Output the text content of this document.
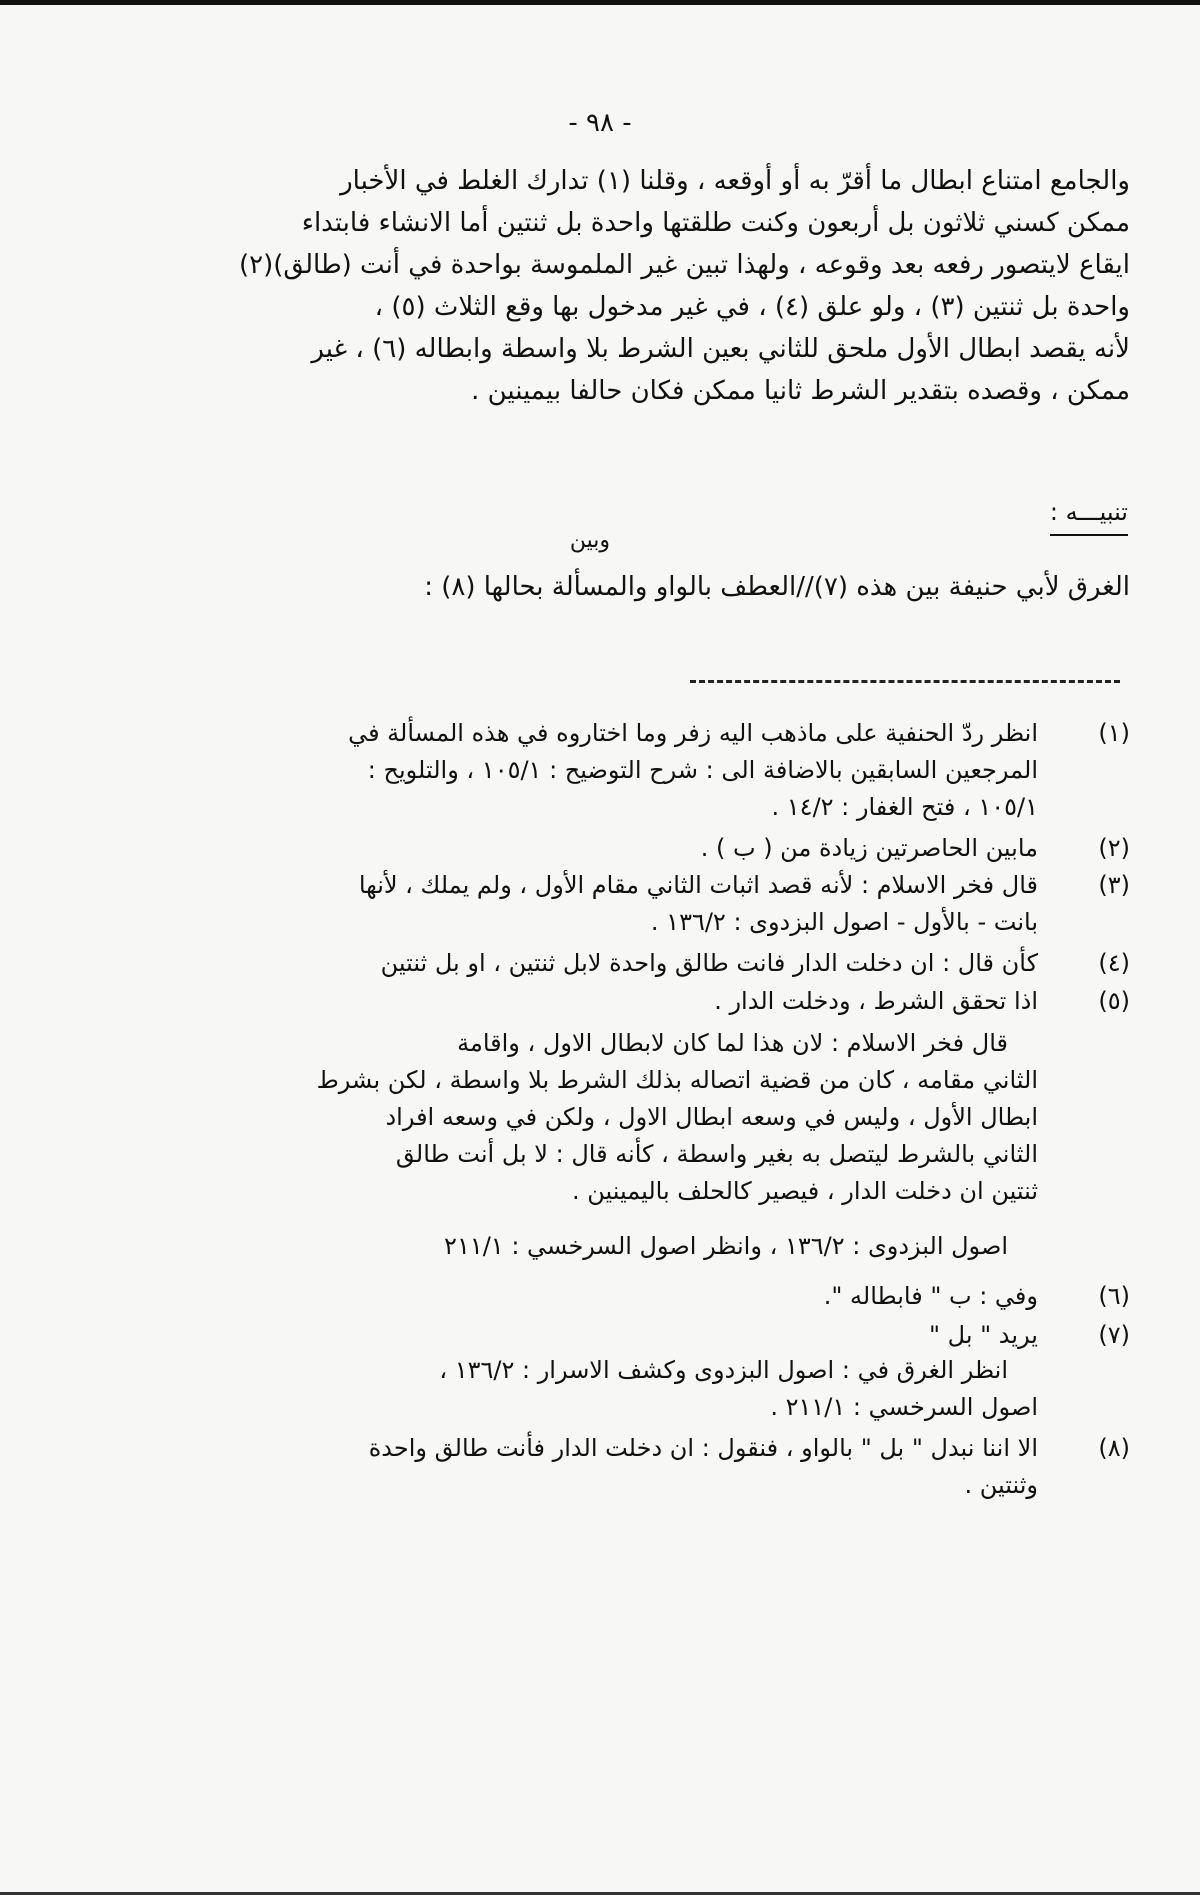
- ٩٨ -

والجامع امتناع ابطال ما أقرّ به أو أوقعه ، وقلنا (١) تدارك الغلط في الأخبار

ممكن كسني ثلاثون بل أربعون وكنت طلقتها واحدة بل ثنتين أما الانشاء فابتداء

ايقاع لايتصور رفعه بعد وقوعه ، ولهذا تبين غير الملموسة بواحدة في أنت (طالق)(٢)

واحدة بل ثنتين (٣) ، ولو علق (٤) ، في غير مدخول بها وقع الثلاث (٥) ،

لأنه يقصد ابطال الأول ملحق للثاني بعين الشرط بلا واسطة وابطاله (٦) ، غير

ممكن ، وقصده بتقدير الشرط ثانيا ممكن فكان حالفا بيمينين .

تنبيـــه :
وبين
الغرق لأبي حنيفة بين هذه (٧)//العطف بالواو والمسألة بحالها (٨) :
(١)

انظر ردّ الحنفية على ماذهب اليه زفر وما اختاروه في هذه المسألة في

المرجعين السابقين بالاضافة الى : شرح التوضيح : ١٠٥/١ ، والتلويح :

١٠٥/١ ، فتح الغفار : ١٤/٢ .

(٢)

مابين الحاصرتين زيادة من ( ب ) .

(٣)

قال فخر الاسلام : لأنه قصد اثبات الثاني مقام الأول ، ولم يملك ، لأنها

بانت - بالأول - اصول البزدوى : ١٣٦/٢ .

(٤)

كأن قال : ان دخلت الدار فانت طالق واحدة لابل ثنتين ، او بل ثنتين

(٥)

اذا تحقق الشرط ، ودخلت الدار .

قال فخر الاسلام : لان هذا لما كان لابطال الاول ، واقامة

الثاني مقامه ، كان من قضية اتصاله بذلك الشرط بلا واسطة ، لكن بشرط

ابطال الأول ، وليس في وسعه ابطال الاول ، ولكن في وسعه افراد

الثاني بالشرط ليتصل به بغير واسطة ، كأنه قال : لا بل أنت طالق

ثنتين ان دخلت الدار ، فيصير كالحلف باليمينين .

اصول البزدوى : ١٣٦/٢ ، وانظر اصول السرخسي : ٢١١/١

(٦)

وفي : ب " فابطاله ".

(٧)

يريد " بل "

انظر الغرق في : اصول البزدوى وكشف الاسرار : ١٣٦/٢ ،

اصول السرخسي : ٢١١/١ .

(٨)

الا اننا نبدل " بل " بالواو ، فنقول : ان دخلت الدار فأنت طالق واحدة

وثنتين .
